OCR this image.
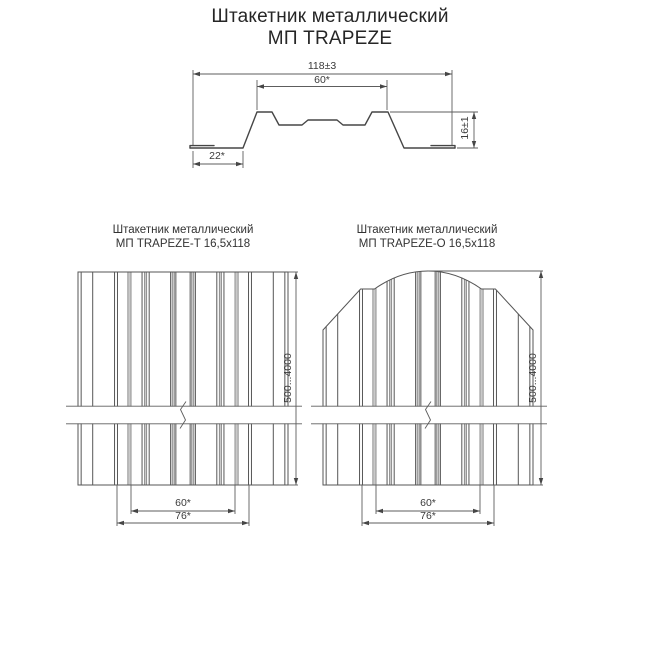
Штакетник металлический
МП TRAPEZE
118±3
60*
16±1
22*
Штакетник металлический
МП TRAPEZE-T 16,5x118
500...4000
60*
76*
Штакетник металлический
МП TRAPEZE-O 16,5x118
500...4000
60*
76*
